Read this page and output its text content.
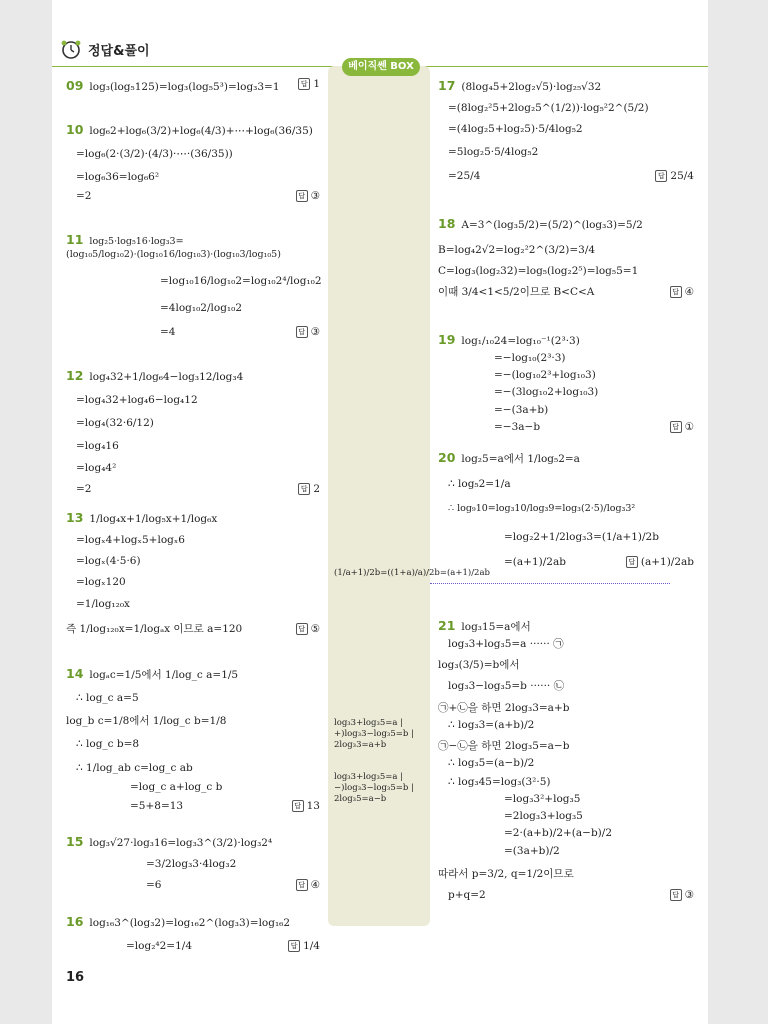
정답&풀이
베이직쎈 BOX
09 log₃(log₅125)=log₃(log₅5³)=log₃3=1	답 1
10 log₆2+log₆(3/2)+log₆(4/3)+⋯+log₆(36/35)
=log₆(2·(3/2)·(4/3)·⋯·(36/35))
=log₆36=log₆6²
=2	답 ③
11 log₂5·log₅16·log₃3=(log₁₀5/log₁₀2)·(log₁₀16/log₁₀3)·(log₁₀3/log₁₀5)
=log₁₀16/log₁₀2=log₁₀2⁴/log₁₀2
=4log₁₀2/log₁₀2
=4	답 ③
12 log₄32+1/log₆4−log₃12/log₃4
=log₄32+log₄6−log₄12
=log₄(32·6/12)
=log₄16
=log₄4²
=2	답 2
13 1/log₄x+1/log₅x+1/log₆x
=logₓ4+logₓ5+logₓ6
=logₓ(4·5·6)
=logₓ120
=1/log₁₂₀x
즉 1/log₁₂₀x=1/logₐx 이므로 a=120	답 ⑤
14 logₐc=1/5에서 1/log_c a=1/5
∴ log_c a=5
log_b c=1/8에서 1/log_c b=1/8
∴ log_c b=8
∴ 1/log_ab c=log_c ab
=log_c a+log_c b
=5+8=13	답 13
15 log₃√27·log₃16=log₃3^(3/2)·log₃2⁴
=3/2log₃3·4log₃2
=6	답 ④
16 log₁₆3^(log₃2)=log₁₆2^(log₃3)=log₁₆2
=log₂⁴2=1/4	답 1/4
(1/a+1)/2b=((1+a)/a)/2b=(a+1)/2ab
log₃3+log₃5=a | +)log₃3−log₃5=b | 2log₃3=a+b
log₃3+log₃5=a | −)log₃3−log₃5=b | 2log₃5=a−b
17 (8log₄5+2log₂√5)·log₂₅√32
=(8log₂²5+2log₂5^(1/2))·log₅²2^(5/2)
=(4log₂5+log₂5)·5/4log₅2
=5log₂5·5/4log₅2
=25/4	답 25/4
18 A=3^(log₃5/2)=(5/2)^(log₃3)=5/2
B=log₄2√2=log₂²2^(3/2)=3/4
C=log₃(log₂32)=log₅(log₂2⁵)=log₅5=1
이때 3/4<1<5/2이므로 B<C<A	답 ④
19 log₁/₁₀24=log₁₀⁻¹(2³·3)
=−log₁₀(2³·3)
=−(log₁₀2³+log₁₀3)
=−(3log₁₀2+log₁₀3)
=−(3a+b)
=−3a−b	답 ①
20 log₂5=a에서 1/log₅2=a
∴ log₅2=1/a
∴ log₉10=log₃10/log₃9=log₃(2·5)/log₃3²
=log₂2+1/2log₃3=(1/a+1)/2b
=(a+1)/2ab	답 (a+1)/2ab
21 log₃15=a에서
log₃3+log₃5=a ······ ㉠
log₃(3/5)=b에서
log₃3−log₃5=b ······ ㉡
㉠+㉡을 하면 2log₃3=a+b
∴ log₃3=(a+b)/2
㉠−㉡을 하면 2log₃5=a−b
∴ log₃5=(a−b)/2
∴ log₃45=log₃(3²·5)
=log₃3²+log₃5
=2log₃3+log₃5
=2·(a+b)/2+(a−b)/2
=(3a+b)/2
따라서 p=3/2, q=1/2이므로
p+q=2	답 ③
16
